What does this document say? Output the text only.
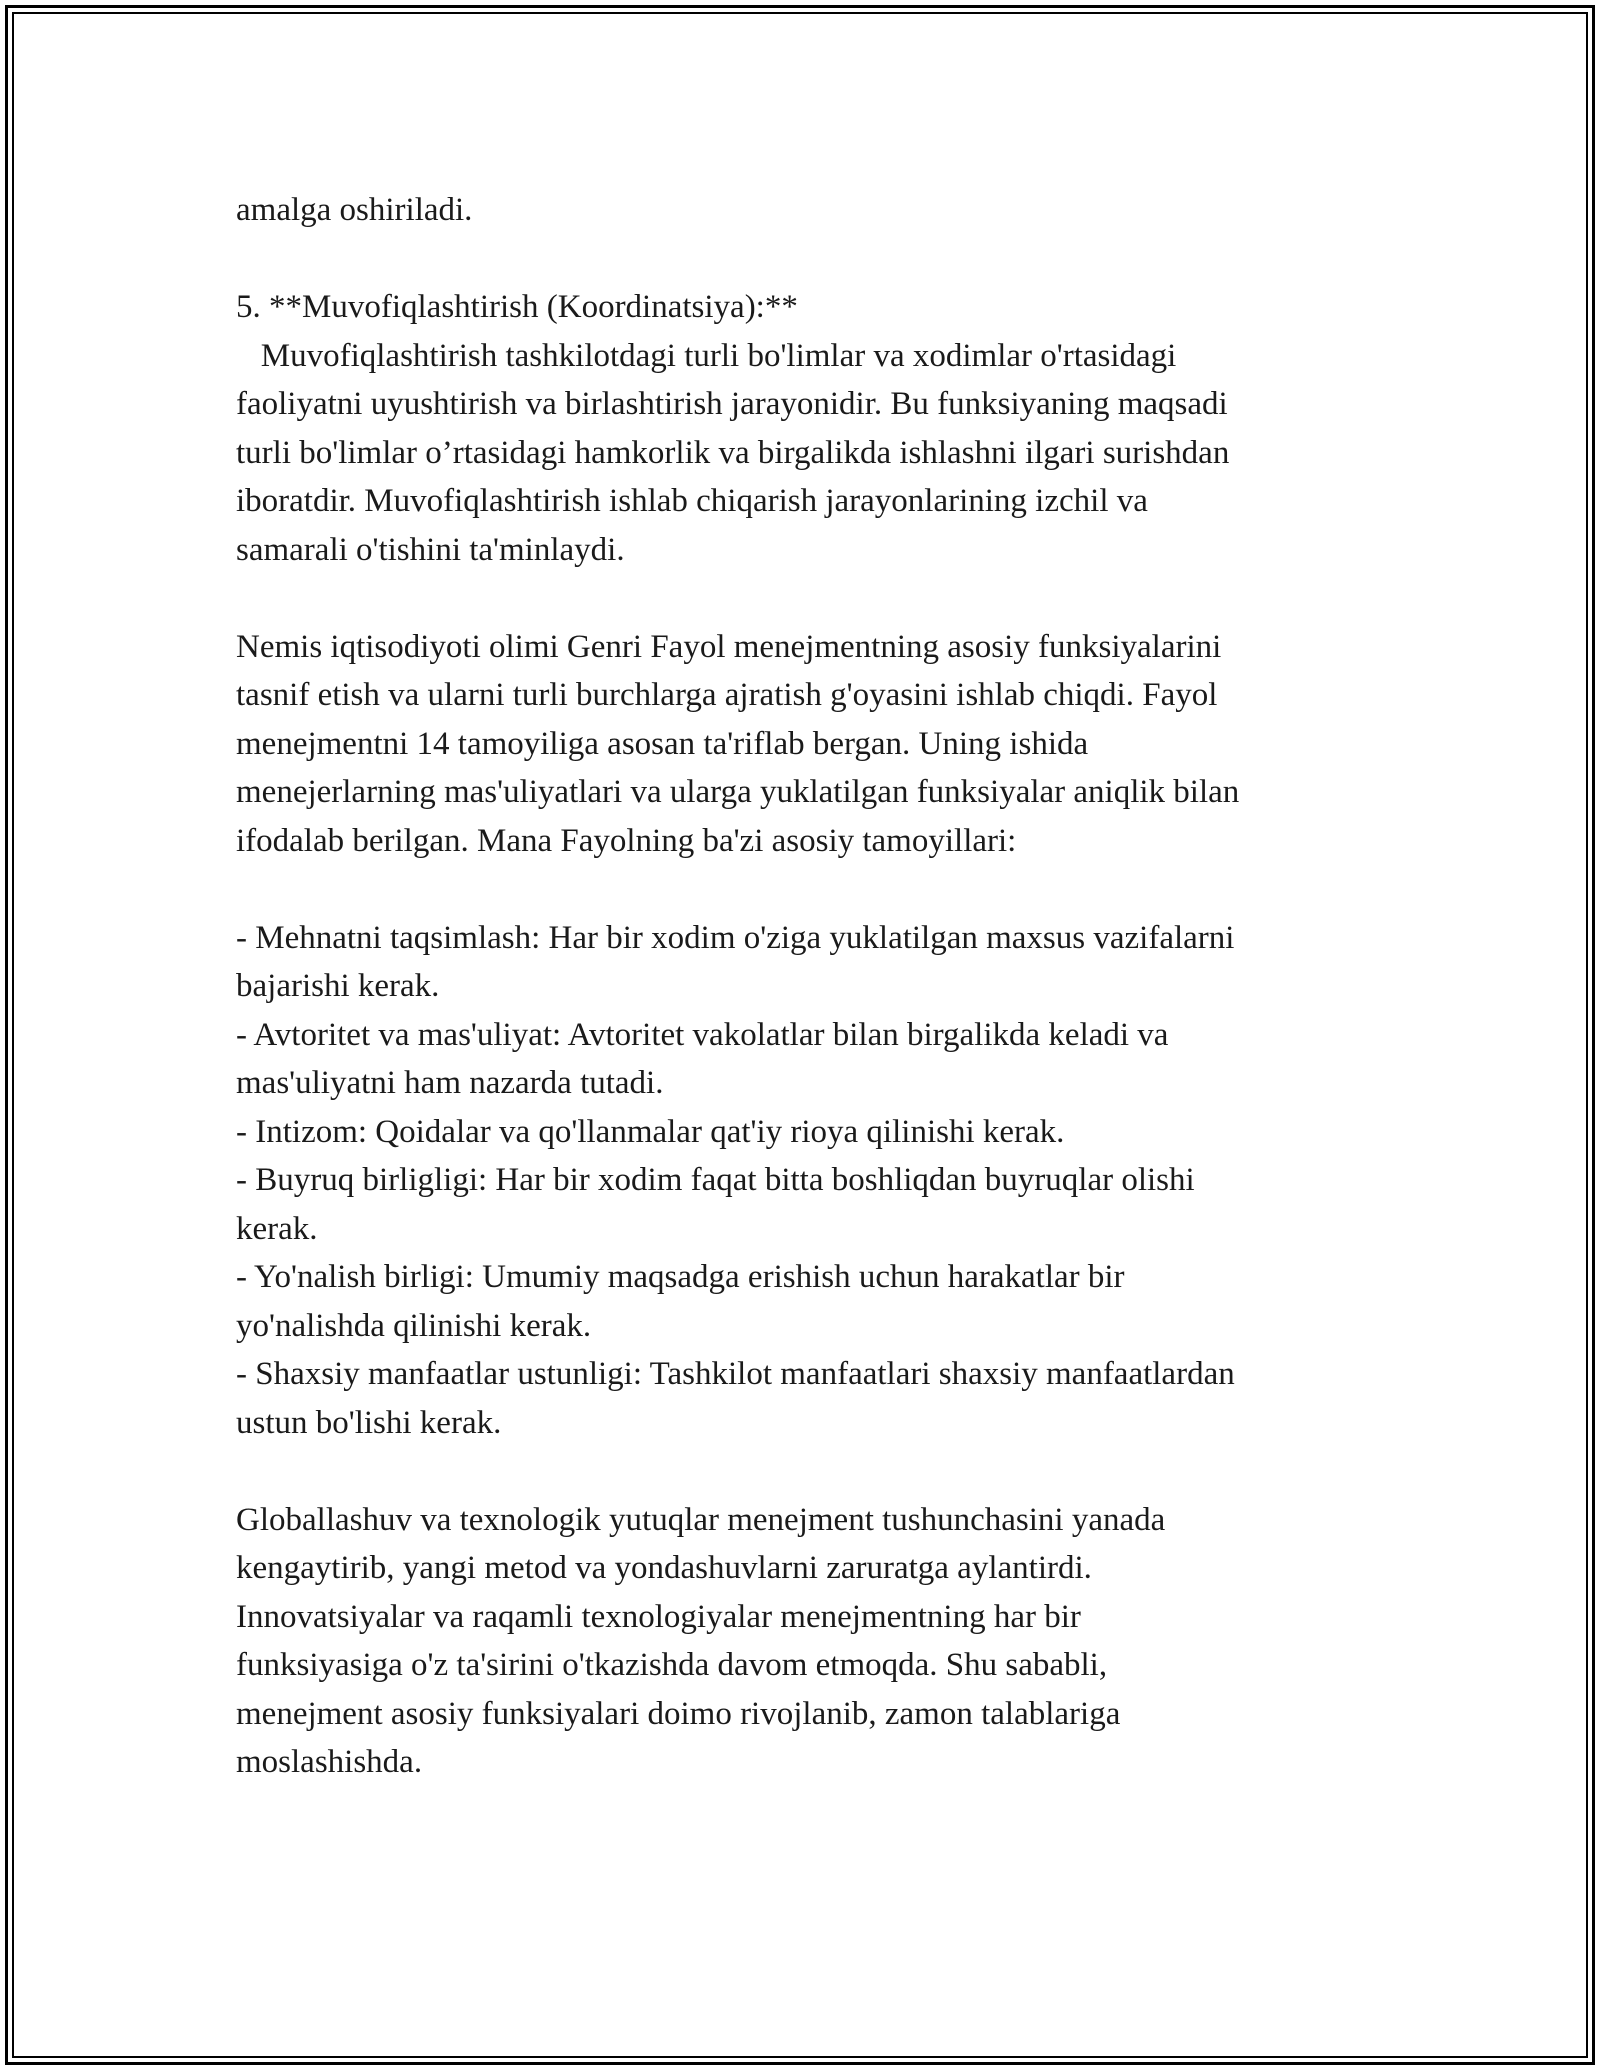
amalga oshiriladi.

5. **Muvofiqlashtirish (Koordinatsiya):**

Muvofiqlashtirish tashkilotdagi turli bo'limlar va xodimlar o'rtasidagi
faoliyatni uyushtirish va birlashtirish jarayonidir. Bu funksiyaning maqsadi
turli bo'limlar o’rtasidagi hamkorlik va birgalikda ishlashni ilgari surishdan
iboratdir. Muvofiqlashtirish ishlab chiqarish jarayonlarining izchil va
samarali o'tishini ta'minlaydi.

Nemis iqtisodiyoti olimi Genri Fayol menejmentning asosiy funksiyalarini
tasnif etish va ularni turli burchlarga ajratish g'oyasini ishlab chiqdi. Fayol
menejmentni 14 tamoyiliga asosan ta'riflab bergan. Uning ishida
menejerlarning mas'uliyatlari va ularga yuklatilgan funksiyalar aniqlik bilan
ifodalab berilgan. Mana Fayolning ba'zi asosiy tamoyillari:

- Mehnatni taqsimlash: Har bir xodim o'ziga yuklatilgan maxsus vazifalarni
bajarishi kerak.

- Avtoritet va mas'uliyat: Avtoritet vakolatlar bilan birgalikda keladi va
mas'uliyatni ham nazarda tutadi.

- Intizom: Qoidalar va qo'llanmalar qat'iy rioya qilinishi kerak.

- Buyruq birligligi: Har bir xodim faqat bitta boshliqdan buyruqlar olishi
kerak.

- Yo'nalish birligi: Umumiy maqsadga erishish uchun harakatlar bir
yo'nalishda qilinishi kerak.

- Shaxsiy manfaatlar ustunligi: Tashkilot manfaatlari shaxsiy manfaatlardan
ustun bo'lishi kerak.

Globallashuv va texnologik yutuqlar menejment tushunchasini yanada
kengaytirib, yangi metod va yondashuvlarni zaruratga aylantirdi.
Innovatsiyalar va raqamli texnologiyalar menejmentning har bir
funksiyasiga o'z ta'sirini o'tkazishda davom etmoqda. Shu sababli,
menejment asosiy funksiyalari doimo rivojlanib, zamon talablariga
moslashishda.
